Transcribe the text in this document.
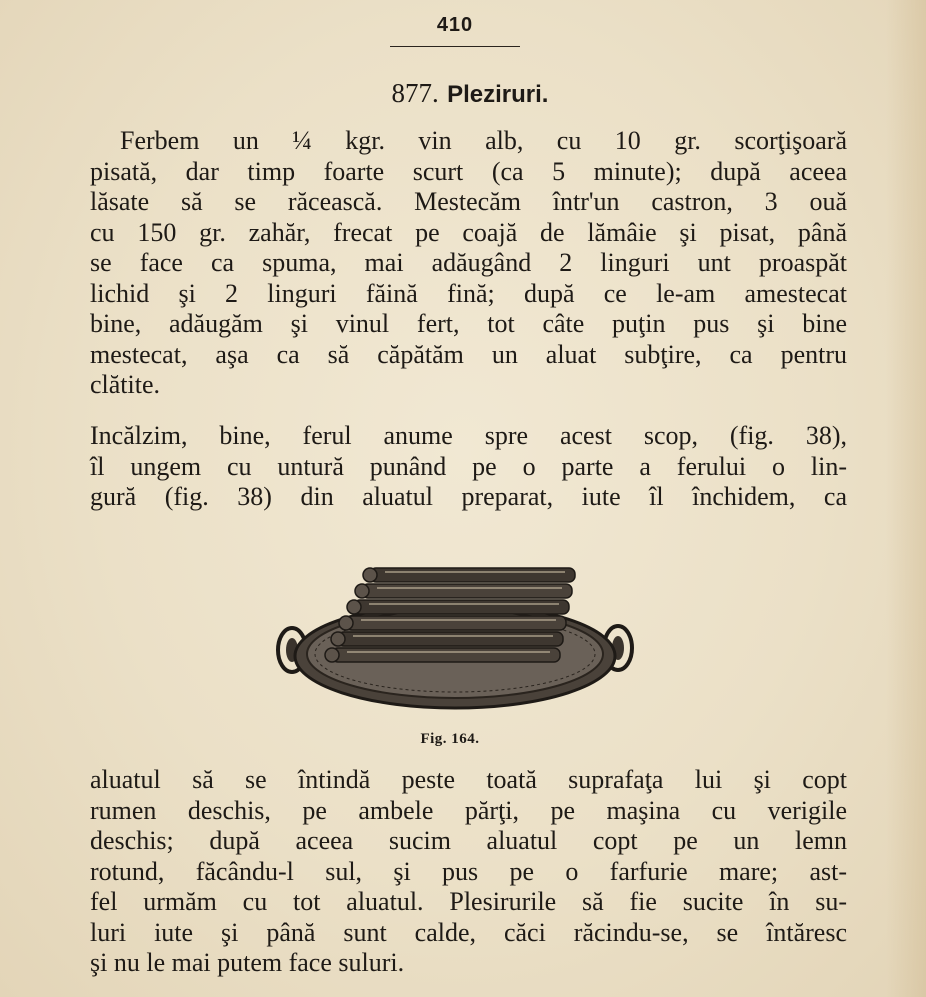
410
877. Pleziruri.
Ferbem un ¼ kgr. vin alb, cu 10 gr. scorţişoară
pisată, dar timp foarte scurt (ca 5 minute); după aceea
lăsate să se răcească. Mestecăm într'un castron, 3 ouă
cu 150 gr. zahăr, frecat pe coajă de lămâie şi pisat, până
se face ca spuma, mai adăugând 2 linguri unt proaspăt
lichid şi 2 linguri făină fină; după ce le-am amestecat
bine, adăugăm şi vinul fert, tot câte puţin pus şi bine
mestecat, aşa ca să căpătăm un aluat subţire, ca pentru
clătite.
Incălzim, bine, ferul anume spre acest scop, (fig. 38),
îl ungem cu untură punând pe o parte a ferului o lin-
gură (fig. 38) din aluatul preparat, iute îl închidem, ca
Fig. 164.
aluatul să se întindă peste toată suprafaţa lui şi copt
rumen deschis, pe ambele părţi, pe maşina cu verigile
deschis; după aceea sucim aluatul copt pe un lemn
rotund, făcându-l sul, şi pus pe o farfurie mare; ast-
fel urmăm cu tot aluatul. Plesirurile să fie sucite în su-
luri iute şi până sunt calde, căci răcindu-se, se întăresc
şi nu le mai putem face suluri.
